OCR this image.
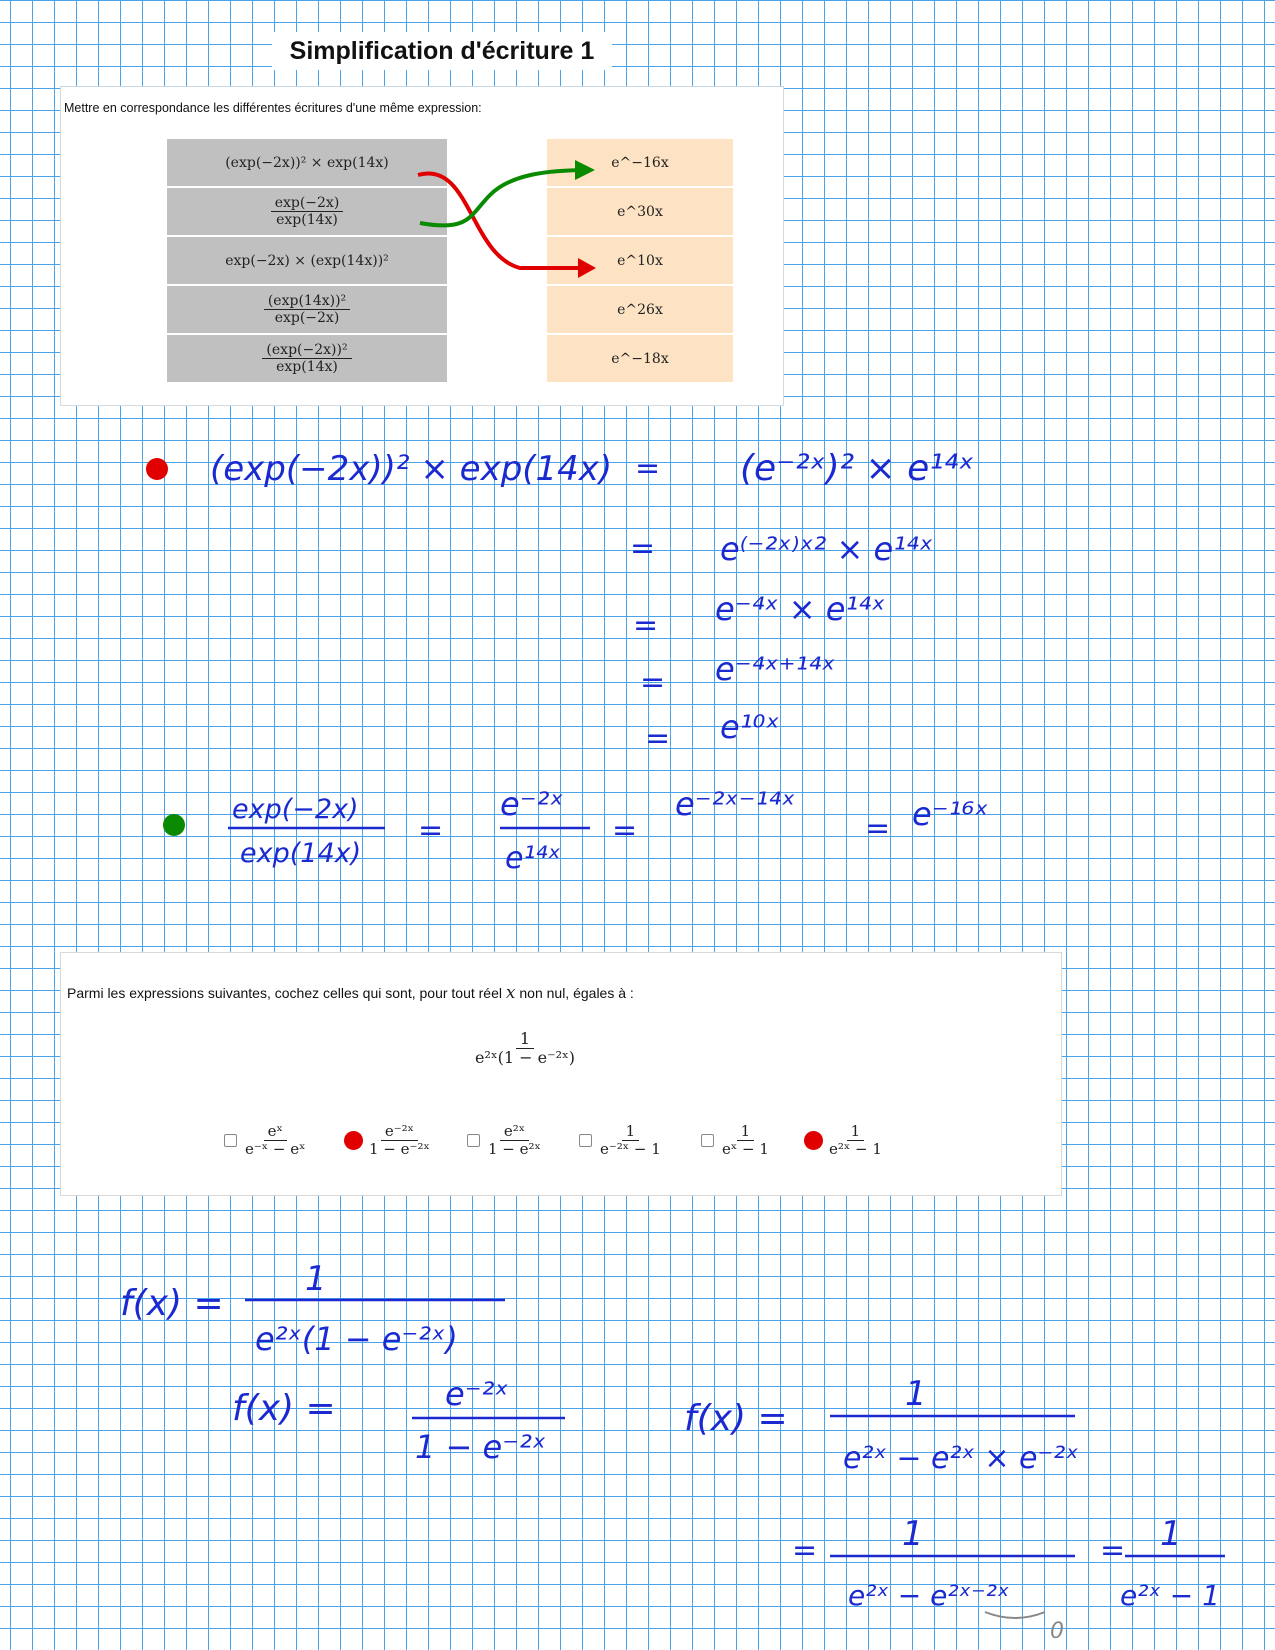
Simplification d'écriture 1
Mettre en correspondance les différentes écritures d'une même expression:
(exp(−2x))² × exp(14x)
$\frac{\exp(-2x)}{\exp(14x)}$
exp(−2x) × (exp(14x))²
$\frac{\text{(exp(14x))²}}{\exp(-2x)}$
$\frac{\text{(exp(−2x))²}}{\exp(14x)}$
e^−16x
e^30x
e^10x
e^26x
e^−18x
Parmi les expressions suivantes, cochez celles qui sont, pour tout réel x non nul, égales à :
$\frac{1}{\text{e²ˣ(1 − e⁻²ˣ)}}$
$\frac{\text{eˣ}}{\text{e⁻ˣ − eˣ}}$	$\frac{\text{e⁻²ˣ}}{\text{1 − e⁻²ˣ}}$	$\frac{\text{e²ˣ}}{\text{1 − e²ˣ}}$	$\frac{1}{\text{e⁻²ˣ − 1}}$	$\frac{1}{\text{eˣ − 1}}$	$\frac{1}{\text{e²ˣ − 1}}$
(exp(−2x))² × exp(14x) = (e⁻²ˣ)² × e¹⁴ˣ
= e⁽⁻²ˣ⁾ˣ² × e¹⁴ˣ
= e⁻⁴ˣ × e¹⁴ˣ
= e⁻⁴ˣ⁺¹⁴ˣ
= e¹⁰ˣ
exp(−2x)
exp(14x)
=
e⁻²ˣ
e¹⁴ˣ
=
e⁻²ˣ⁻¹⁴ˣ
= e⁻¹⁶ˣ
f(x) =
1
e²ˣ(1 − e⁻²ˣ)
f(x) =	e⁻²ˣ
1 − e⁻²ˣ
f(x) =
1
e²ˣ − e²ˣ × e⁻²ˣ
= 1
e²ˣ − e²ˣ⁻²ˣ
0
= 1
e²ˣ − 1
